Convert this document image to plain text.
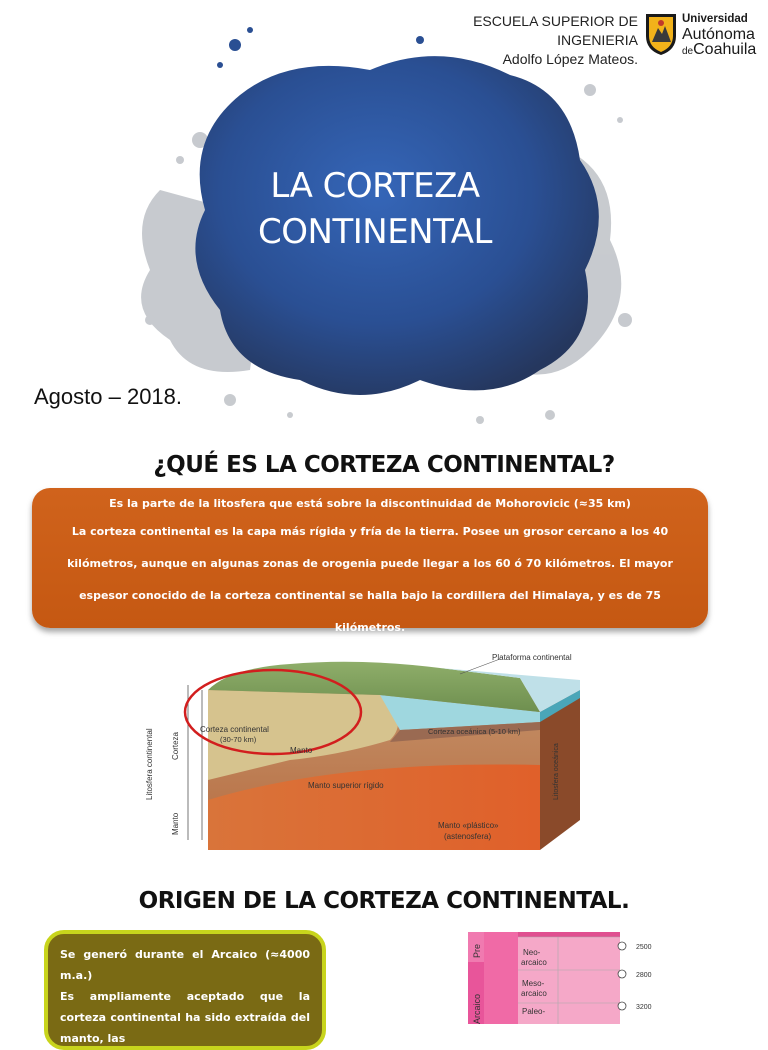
ESCUELA SUPERIOR DE INGENIERIA
Adolfo López Mateos.
Universidad
Autónoma
deCoahuila
LA CORTEZA
CONTINENTAL
Agosto – 2018.
¿QUÉ ES LA CORTEZA CONTINENTAL?

Es la parte de la litosfera que está sobre la discontinuidad de Mohorovicic (≈35 km)

La corteza continental es la capa más rígida y fría de la tierra. Posee un grosor cercano a los 40 kilómetros, aunque en algunas zonas de orogenia puede llegar a los 60 ó 70 kilómetros. El mayor espesor conocido de la corteza continental se halla bajo la cordillera del Himalaya, y es de 75 kilómetros.

Litosfera continental Corteza
Manto
Plataforma continental
Corteza continental
(30-70 km)
Manto
Corteza oceánica (5-10 km)
Manto superior rígido
Manto «plástico»
(astenosfera)
Litosfera oceánica
ORIGEN DE LA CORTEZA CONTINENTAL.

Se generó durante el Arcaico (≈4000 m.a.)

Es ampliamente aceptado que la corteza continental ha sido extraída del manto, las

Pre
Arcaico
Neo-
arcaico
Meso-
arcaico
Paleo-
2500
2800
3200
